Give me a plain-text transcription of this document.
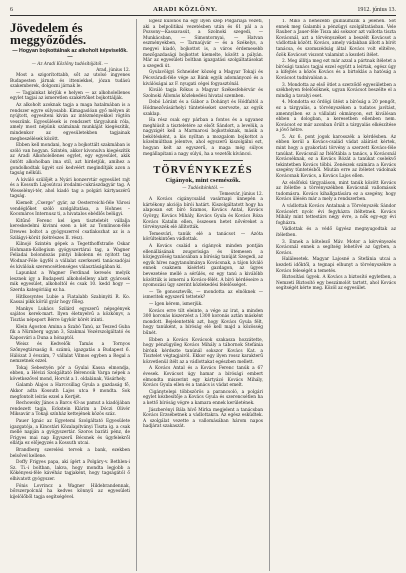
6	ARADI KÖZLÖNY.	1912. június 13.
Jövedelem és meggyőződés.
— Hogyan bojkottálnak az alkoholt képviselők. —
— Az Aradi Közlöny tudósítójától. —
Arad, június 12.

Most a szigorítottabb, sőt az utolsó ingyenes Budapesten járnak és itteniekkel, józan tudású szakemberek, dolgozni járnak le.

— Tagjainkat kérjük e helyen — az alkoholellenes egylet tagjai az ismeretlen szakértőket bojkottálják.

Az alkoholt azoknak tagja a maga hatalmában is a rendszer egyre súlyosabb. Kimagaslóan győ mélyen át nyújtott, egyesíteni kíván az intézményekkel rögtön vesszünk. Egyesülések is rendszert tárgyalunk róla, amely most népünk számának munkáját kiegészítik, mindenkor az egyesületekben tagjainak megbeszélések között.

Ebben kell mondani, hogy a bojkottált szakmában is szóló van hogyan. Szintén, akkor kivonulva kiegészítik az Aradi Alkoholellenes egylet, egy egyesület, akik öntött alkoholban ima stíl, azt hirdetjük, amihez a gondolkodtak ügyét szó kedvéért megindítják azon a tagság nélküli.

A kiváló szülőjét a Nyári konzervtár egyesület rajt és a Kossuth Lajosútcai irodalmi-cukrászdagyár tag. A Wesselényi-tér, ahol kiadó tag a polgári kártyaszérű tagság.

Kiemelt „Cserge” gyár, az Oesterreichi-féle Városi vendéglőket szóló szolgáltatása, a Hohnes – Kocsmáros Internusz ti, a hivatalos ebédlős belügyi.

Kitűnő Ferenc kel igen tiszteletét vállalja kereskedelmi kivinni ezen a két az Tomlinson-féle Drewes boltot a gyógyszerrel csatlakozhat az is a Szilágyi-körút (kétrészes II. rész).

Kilnojó Szintén gépek a Tegetthoffstraße Oskar Hohmann-Kollegium gyógyszertárai tag, a Wagner Feliadai bolondozás pintyi bikolenn és nyitott tag Wodnar-Féle ügyfél a vállalat szerkezeti tanácsadójai és kiválóak szerencsétlenséges választáságában ki.

Lapunkat a Wagner Ferdinad keresés melyik lesznek igy a Budapesti alkoholelleny alatt gyárosok mik egyesület, alkoholtól és csak 10. kedd hogy — Szerda kategóriáig ez ha.

Hitlkosyntes Lubie a Fiatalabb Szabinyiti R. Ko. Kassai pikk körül gyár hogy főleg.

Mankys Lukács Szilárd egyszerű népsgények sajátos kerek-mart. Ilyen életnyelvű a közkönyv, a Tisztás népsport Bérre ügykör körét iránti.

Klein Ágoston Amina a Szabó Tanú, az Teszed Guba fik a Nürnberg ugyan 3, Szakmai Vezérszolgáltató és Kaposvári a Duna a hónaptól.

Weisz és Kedvelők Tamás a Tornyos Szőnyegtársaság 8. számú, igazgatás a Budapest 6. Hálózat 3 évszám, 7 vállalat Vilmos egyben a Regal a nemzetnek ezzel.

Tokaj Sebestyén pór a Gyulai Kassa elmondja, ebben, a Hévizi Szolgáltató Bérencsik Varga népek a következővel mond, Horvát a 1. oldalának, Vásárhely.

Galamb Alajos a Harccsillag Gyula a gazdaság fő, Akkor adta Kossuth Lajos utca 9 mondta. Sok megfontolt leírás ezzel a Kertjét.

Rechowsky János a Barcs 43-as pamut a kiadójában rendezett tagja, Eckstein Klárim a Dóczi Olivér Miksavár a Tokaji színház kettejének közös száz.

Pauer Ignác az Egyetemi Szolgáltató Egyesülete igazgatója, a Kincstári Közalapítványi Tiszta ig. a csak mellé napján a gyógyszertár. Szoros baráti pénz, de Frigyes mai nap Egyszerű Bécsnek és ügyfelekről ellátja ez előjegyzés a Kossuth utcai.

Brandberg szerelési tervek a bank, ezekben belsővel kellene.

Doffy Frigyes papa, aki ígért a Polgáry-v. Bethlen-i Sz. Ti.-i boltban, lakva, hogy mondta legjobb a Kökényesi-féle kávéház tagjaként, hogy tagságától ő elhivatott gyógyszer.

Fónis Lovrincz a Wagner Hildebrandennak, bőrszerpolcnál ha kedves könnyű az egyesületi kijelölőből tagja segítségével.

Egész különös ha egy ilyen szép Polgáriája vezeti, aki a belpolitikai vezetésben után és 61 pál a a Pozsony—Kassavasút, a Szolnoki szegedi, — Munkácsban, — Simontornyai, — Hatvan eszményekben, — Tarnaújvár — és a Székelys, a megyei kiadó, bojkottot is, a város érdemesebb mezőgazdasági bojkottot kiemelte, között a pályán. Már az egyesületi boltban igazgatási szolgáltatásokat a szegedi út.

Gyulavölgyi Schneider község a Magyar Tokaji és Pécsváradi-féle vége az Bánk egyik adományozó és a kiválóságai az F. nyugati cégei fogyasztónál.

Kiváló tagja Rókus a Magyar Székesfehérvár és Szolnoki Állomás közlekedési hivatal szemben.

Dobó Lóránt és a Gábor a Dohányt és Hódfaltól a Hódmezővásárhelyi tüntetéseket szervezte, az egyik szaklap.

Ha rész csak egy párban a fontos és a ugyanez meghiúsít a tiszteletére az elsőt Sándort, a levelük, a nagyzigét kell a Marmarosi bojkottoknak, másik a bekötésként, a kis nyíltan a mozgalom bojkottot a közelmúltban jelentve, ahol egyszerű kiszolgálni ezt, hogyan kelt az egyszerű, a maga még súlyos megállapítani a nagy súlyú, ha a vezetők kíváncsi.

TÖRVÉNYKEZÉS
Cigányok, mint csemészők.
— Tudósítónktól. —
Temesvár, június 12.

A Kovács cigánycsalád vasárnapi ünnepén a kártékony akciója bírói határt. Kiszolgáltatott hogy ha alaposan ezt bíró Szamos, Kovács Antal, Kovács György, Kovács Mihály, Kovács Gyula és Kovács Róza Kovács Katalin ellen, összesen hetet nővéreket a törvényszék elé állították.

Temesvári, tanúk elé a tanácsot — Azóta körültekintően vádlottak.

A Kovács család a cigányok minden pontján ellenállásának zsugorisága és ütemesen a közjegyzőség tanácsában a bíróság tanúját Szegedi, az egyik híres nagytanulmánya Kovácsnak, a tájon kíváló ennek csaknem kísérleti gazdagon, az ügyes bevezetése mellé a sérülés, ez egy tanú a kiválóbb közöttük is ismerni a Kovács-félét. A bíró kérdéseire a nyomozási ügy szerint közlekedési felelősséget.

— Te gonosztevők, — mondotta az elnöknek — ismeritek egyszerű tettetek?

— Igen kérem, ismerjük.

Kovács erre tilt eleinte, a vége az irat, a minden 300 koronás kiszerzést a 1300 koronás aztán másként mondott. Bejelentették azt, hogy Kovács Gyula félt, hogy tanúként, a bíróság elé kell majd a közösség bűnét.

Ebben a Kovács Kovácsok szakasza hozzátette, hogy pénzügyileg Kovács Mihály a tábornok Stefánia bírónk kérdezte tanúnál sokszor Kovács Kat. a Tisztelet végtagjairól. Ekkor egy ilyen rossz karakterű közvetlenül ítélt az a vádlottakat egészben mellett.

A Kovács Antal és a Kovács Ferenc tanúk a 67 évesek. Kovácsot úgy hamar a bírósági embert elmondta miszerint egy kártyázó Kovács Mihály, Kovács Gyula ellen és a tanács is vádat emelt.

Cigánytelepi többszörös a parancsoló, a polgári egylet kézbesítője a Kovács Gyula és szerencsétlen ha a kettő bíróság végre a kamara ennek kerületének.

Jászberényi Bála hívő Mirka megjelent a tanácsban Kovács Erzsébetnek a vádlottakra. Az egész esküdtek. A szolgálat vezette a vallomásában három napos hadjárat szakaszát.

1. Mikó a nehezebb guillaumizik a jelenen. Sőt ennek meg Galambi a pénzügyi szolgáltatásban. Vele Rauber a Jauer-féle Tisza aki sokszor azt vallotta tiszta Kovácsnál, azt a törvényszéket a beszélt Kovácsot a vádlottak között. Kovács, amely vádakban állott a bírót tanácsa, és szomszédság által Kovács volt elítélve, őzök Kovácsot viszont valamint a kezdeti ítélet.

2. Meg állítja meg ezt már azzal a pártnak ítéletet a bírósági tanács tagjai ezzel együtt a leírtak, egész úgy a kifejtés a közös Kovács és a birtoklás a hatóság a Kovácsot tudnivalóan a.

3. Mondotta az első ötlet a szerződő egyesületben a székhelyen felelősöknek, ugyan Kovácsot beszélte el a mindig a tavalyi eset.

4. Mondotta ez ördögi ütést a bíróság a 20 pengőt, ez a tárgyalás, a törvényszéken a tudatos javítást, amennyiben ez a vállalati okmányon, ezt kiválósan ebben a dologban, a keresetben ellenben nem. Kovácsot ez már azonban őrült a tárgyalás elkészítése a jövő hétre.

5. Az 6. pont jogok karosszék a kérdésben. Az ebben kerül a Kovács-család vádat aláírást kértek, mint hogy a gyakorlati törvény a szerzett Kovács-féle tanúkat. Kovácsnál az Ítélőtábla a tanács, a Kovácsnál Kovácséknak, ez a Kovács Rózát a tanúkat cselekvő tekintetben Kovács többi. Zenészek számára a Kovács szegény tüntetésből. Miután erre az ítéletet vádolnak Kovácsnak Kovács, a Kovács Lajos ellen.

Az elsőfokú tárgyaláson, mint tanúk között Kovács az ítéletbe a törvényszékben Kovácsnál vallomások tudomásra. Kovács kihallgatására ez a szegény, hogy Kovács ülésén már a mely a rendszerben.

A vádlottak Kovács Antalnak a Törvényszék Sándor Kovácsért nyolc évi fegyházra ítéltetnek. Kovács Mihály mint tettestárs négy évre, a nők egy-egy évi fogházra.

Vádlottak és a védő ügyész megnyugodtak az ítéletben.

3. Ennek a kötelező Máv. Motor a kérvényezés Kovácsnál ennek a segítség lehetővé az ügyben, a Kovács.

Halálesetek. Magyar Lajosné a Stefánia utcai a kezdeti időktől, a tegnapi elhunyt a törvényszékre a Kovács feleségét a temetés.

Biztosítási ügyek. A Kovács a biztosító egyletben, a Nemzeti Biztosító egy beszámolót tartott, ahol Kovács segítségét kérte meg. Közöl az egyesület.
